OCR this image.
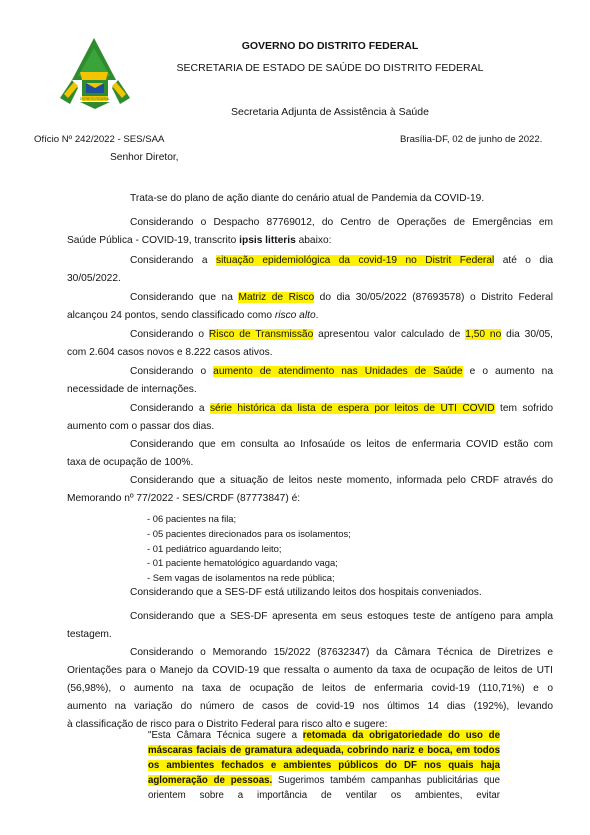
DISTRITO FEDERAL
GOVERNO DO DISTRITO FEDERAL
SECRETARIA DE ESTADO DE SAÚDE DO DISTRITO FEDERAL
Secretaria Adjunta de Assistência à Saúde
Ofício Nº 242/2022 - SES/SAA	Brasília-DF, 02 de junho de 2022.
Senhor Diretor,
Trata-se do plano de ação diante do cenário atual de Pandemia da COVID-19.
Considerando o Despacho 87769012, do Centro de Operações de Emergências em
Saúde Pública - COVID-19, transcrito ipsis litteris abaixo:
Considerando a situação epidemiológica da covid-19 no Distrit Federal até o dia
30/05/2022.
Considerando que na Matriz de Risco do dia 30/05/2022 (87693578) o Distrito Federal
alcançou 24 pontos, sendo classificado como risco alto.
Considerando o Risco de Transmissão apresentou valor calculado de 1,50 no dia 30/05,
com 2.604 casos novos e 8.222 casos ativos.
Considerando o aumento de atendimento nas Unidades de Saúde e o aumento na
necessidade de internações.
Considerando a série histórica da lista de espera por leitos de UTI COVID tem sofrido
aumento com o passar dos dias.
Considerando que em consulta ao Infosaúde os leitos de enfermaria COVID estão com
taxa de ocupação de 100%.
Considerando que a situação de leitos neste momento, informada pelo CRDF através do
Memorando nº 77/2022 - SES/CRDF (87773847) é:
- 06 pacientes na fila;
- 05 pacientes direcionados para os isolamentos;
- 01 pediátrico aguardando leito;
- 01 paciente hematológico aguardando vaga;
- Sem vagas de isolamentos na rede pública;
Considerando que a SES-DF está utilizando leitos dos hospitais conveniados.
Considerando que a SES-DF apresenta em seus estoques teste de antígeno para ampla
testagem.
Considerando o Memorando 15/2022 (87632347) da Câmara Técnica de Diretrizes e
Orientações para o Manejo da COVID-19 que ressalta o aumento da taxa de ocupação de leitos de UTI
(56,98%), o aumento na taxa de ocupação de leitos de enfermaria covid-19 (110,71%) e o
aumento na variação do número de casos de covid-19 nos últimos 14 dias (192%), levando
à classificação de risco para o Distrito Federal para risco alto e sugere:
"Esta Câmara Técnica sugere a retomada da obrigatoriedade do uso de
máscaras faciais de gramatura adequada, cobrindo nariz e boca, em todos
os ambientes fechados e ambientes públicos do DF nos quais haja
aglomeração de pessoas. Sugerimos também campanhas publicitárias que
orientem sobre a importância de ventilar os ambientes, evitar
